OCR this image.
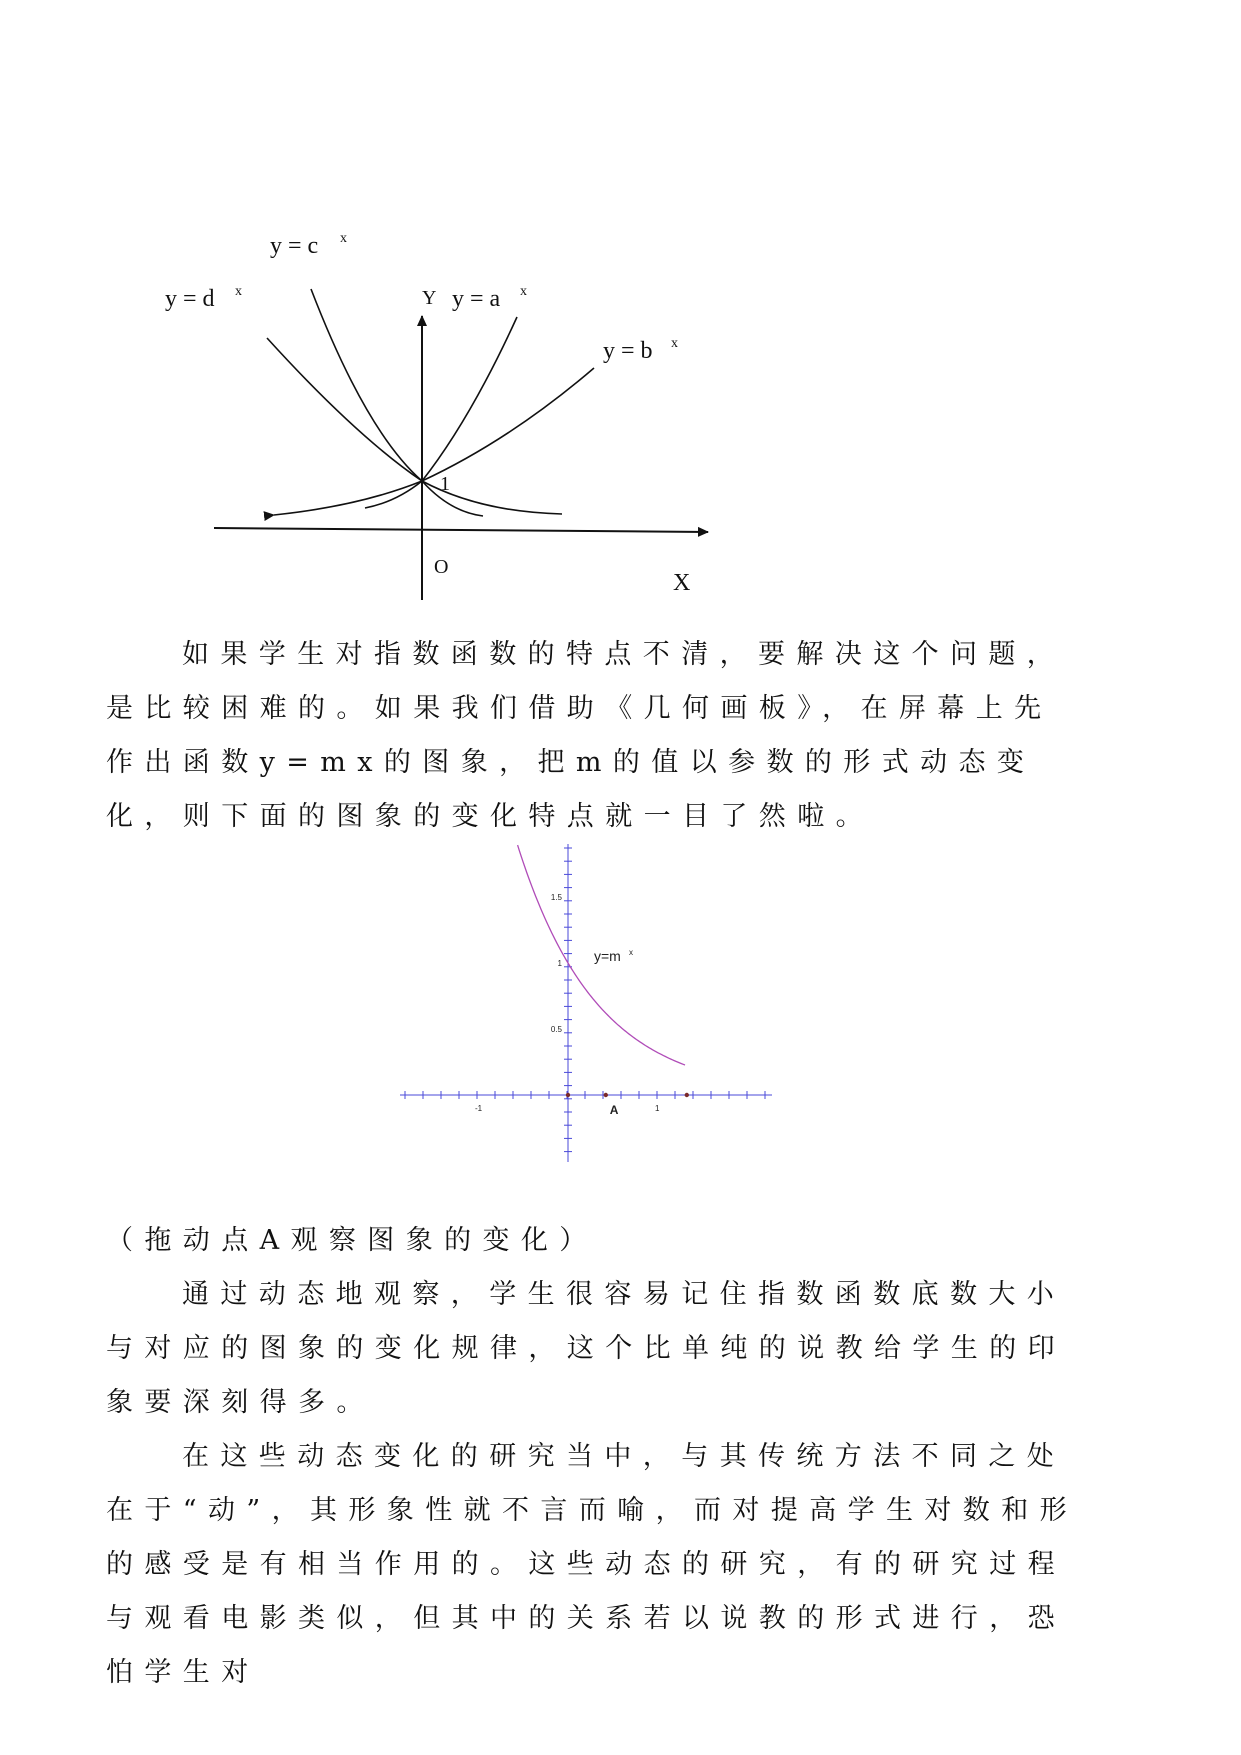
y = c x
y = d x	Y y = a x
y = b x
1
O
X

如果学生对指数函数的特点不清，要解决这个问题，是比较困难的。如果我们借助《几何画板》，在屏幕上先作出函数y=mx的图象，把m的值以参数的形式动态变化，则下面的图象的变化特点就一目了然啦。

-1	1
1.5
1
0.5
y=m x
A

（拖动点A观察图象的变化）

通过动态地观察，学生很容易记住指数函数底数大小与对应的图象的变化规律，这个比单纯的说教给学生的印象要深刻得多。

在这些动态变化的研究当中，与其传统方法不同之处在于“动”，其形象性就不言而喻，而对提高学生对数和形的感受是有相当作用的。这些动态的研究，有的研究过程与观看电影类似，但其中的关系若以说教的形式进行，恐怕学生对
